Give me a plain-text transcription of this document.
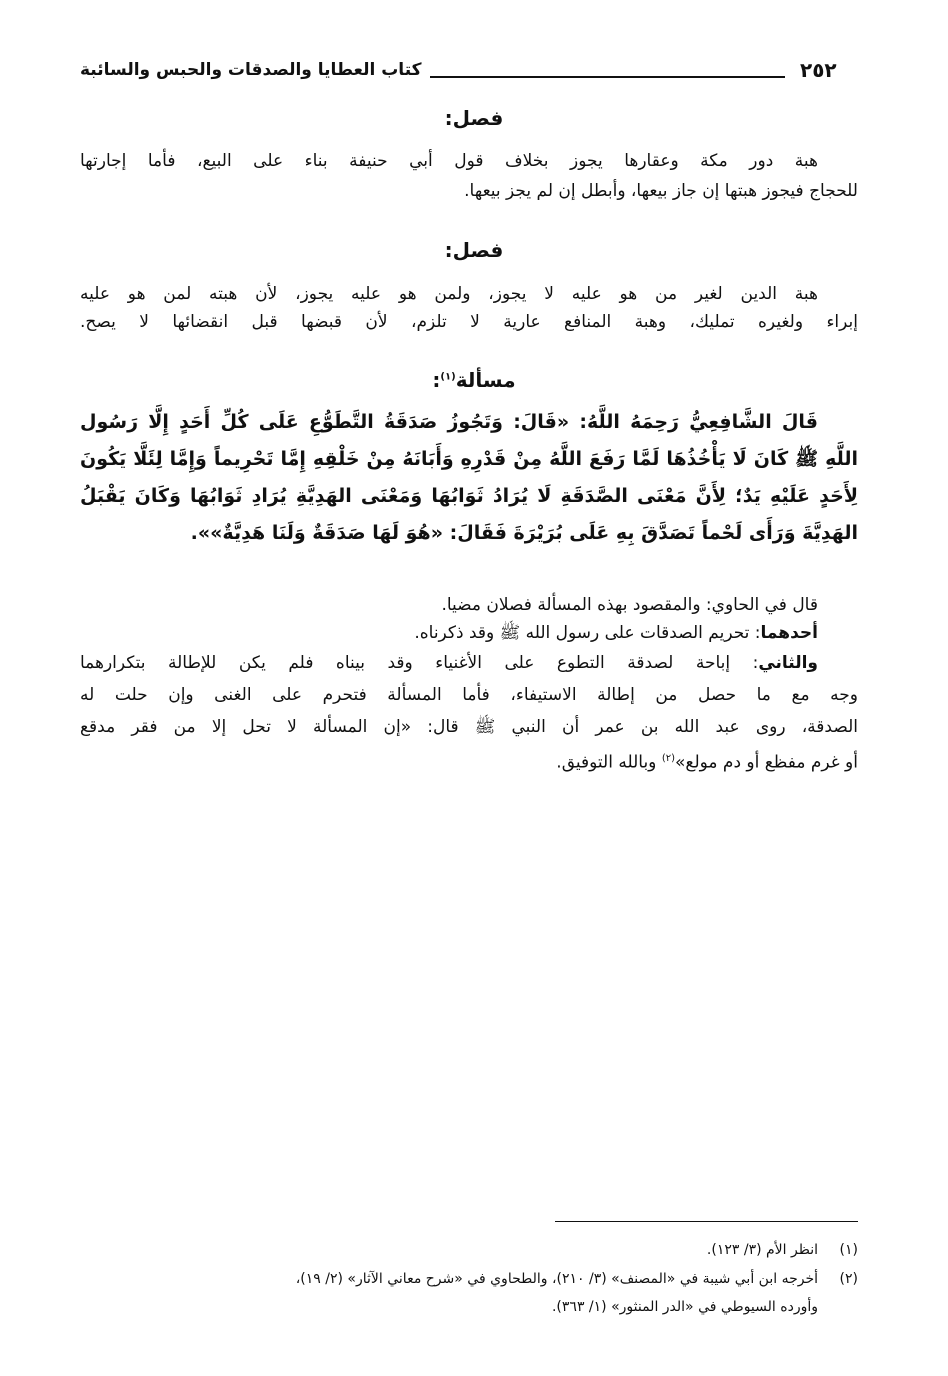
٢٥٢
كتاب العطايا والصدقات والحبس والسائبة
فصل:
هبة دور مكة وعقارها يجوز بخلاف قول أبي حنيفة بناء على البيع، فأما إجارتها
للحجاج فيجوز هبتها إن جاز بيعها، وأبطل إن لم يجز بيعها.
فصل:
هبة الدين لغير من هو عليه لا يجوز، ولمن هو عليه يجوز، لأن هبته لمن هو عليه
إبراء ولغيره تمليك، وهبة المنافع عارية لا تلزم، لأن قبضها قبل انقضائها لا يصح.
مسألة$^{(١)}$:
قَالَ الشَّافِعِيُّ رَحِمَهُ اللَّهُ: «قَالَ: وَتَجُوزُ صَدَقَةُ التَّطَوُّعِ عَلَى كُلِّ أَحَدٍ إِلَّا رَسُول
اللَّهِ ﷺ كَانَ لَا يَأْخُذُهَا لَمَّا رَفَعَ اللَّهُ مِنْ قَدْرِهِ وَأَبَانَهُ مِنْ خَلْقِهِ إِمَّا تَحْرِيماً وَإِمَّا لِئَلَّا يَكُونَ
لِأَحَدٍ عَلَيْهِ يَدٌ؛ لِأَنَّ مَعْنَى الصَّدَقَةِ لَا يُرَادُ ثَوَابُهَا وَمَعْنَى الهَدِيَّةِ يُرَادِ ثَوَابُهَا وَكَانَ يَقْبَلُ
الهَدِيَّةَ وَرَأَى لَحْماً تَصَدَّقَ بِهِ عَلَى بُرَيْرَةَ فَقَالَ: «هُوَ لَهَا صَدَقَةٌ وَلَنَا هَدِيَّةٌ»».
قال في الحاوي: والمقصود بهذه المسألة فصلان مضيا.
أحدهما: تحريم الصدقات على رسول الله ﷺ وقد ذكرناه.
والثاني: إباحة لصدقة التطوع على الأغنياء وقد بيناه فلم يكن للإطالة بتكرارهما
وجه مع ما حصل من إطالة الاستيفاء، فأما المسألة فتحرم على الغنى وإن حلت له
الصدقة، روى عبد الله بن عمر أن النبي ﷺ قال: «إن المسألة لا تحل إلا من فقر مدقع
أو غرم مفظع أو دم مولع»$^{(٢)}$ وبالله التوفيق.
(١)انظر الأم (٣/ ١٢٣).
(٢)أخرجه ابن أبي شيبة في «المصنف» (٣/ ٢١٠)، والطحاوي في «شرح معاني الآثار» (٢/ ١٩)،
وأورده السيوطي في «الدر المنثور» (١/ ٣٦٣).
